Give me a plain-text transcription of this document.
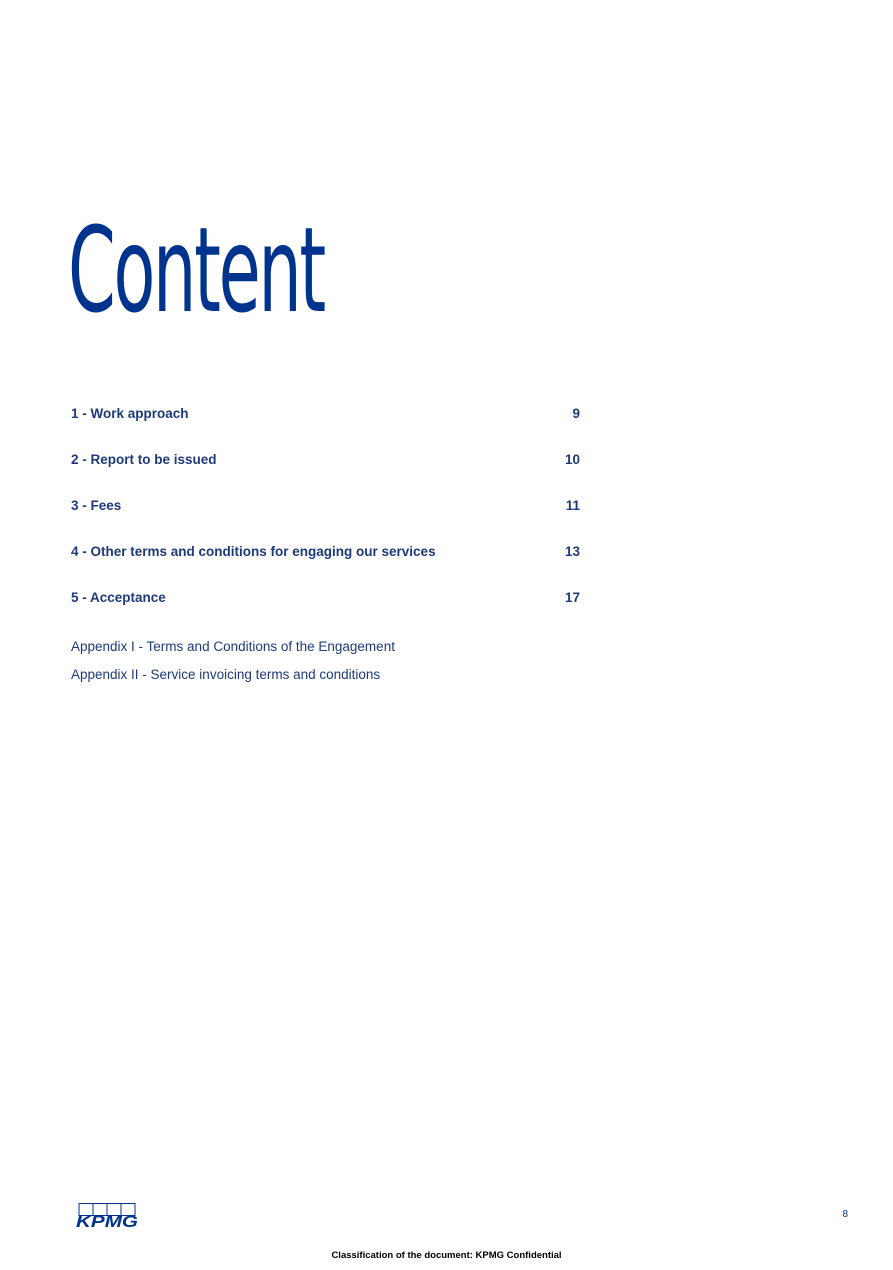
Content
1 - Work approach	9
2 - Report to be issued	10
3 - Fees	11
4 - Other terms and conditions for engaging our services	13
5 - Acceptance	17
Appendix I - Terms and Conditions of the Engagement
Appendix II - Service invoicing terms and conditions
KPMG	8
Classification of the document: KPMG Confidential
